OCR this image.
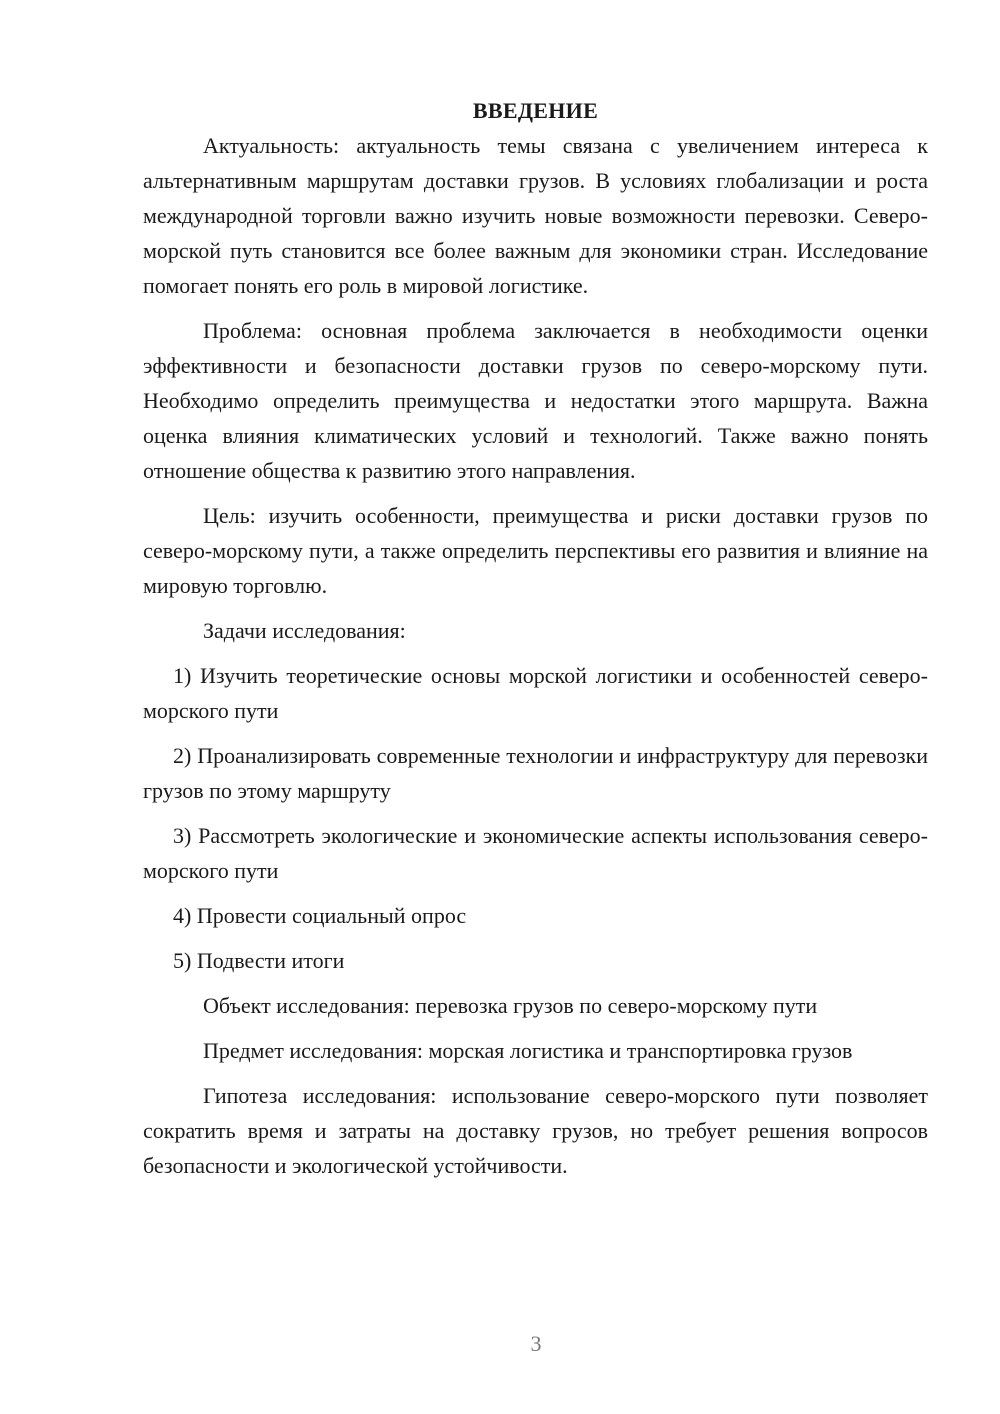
ВВЕДЕНИЕ

Актуальность: актуальность темы связана с увеличением интереса к альтернативным маршрутам доставки грузов. В условиях глобализации и роста международной торговли важно изучить новые возможности перевозки. Северо-морской путь становится все более важным для экономики стран. Исследование помогает понять его роль в мировой логистике.

Проблема: основная проблема заключается в необходимости оценки эффективности и безопасности доставки грузов по северо-морскому пути. Необходимо определить преимущества и недостатки этого маршрута. Важна оценка влияния климатических условий и технологий. Также важно понять отношение общества к развитию этого направления.

Цель: изучить особенности, преимущества и риски доставки грузов по северо-морскому пути, а также определить перспективы его развития и влияние на мировую торговлю.

Задачи исследования:

1) Изучить теоретические основы морской логистики и особенностей северо-морского пути

2) Проанализировать современные технологии и инфраструктуру для перевозки грузов по этому маршруту

3) Рассмотреть экологические и экономические аспекты использования северо-морского пути

4) Провести социальный опрос

5) Подвести итоги

Объект исследования: перевозка грузов по северо-морскому пути

Предмет исследования: морская логистика и транспортировка грузов

Гипотеза исследования: использование северо-морского пути позволяет сократить время и затраты на доставку грузов, но требует решения вопросов безопасности и экологической устойчивости.

3
